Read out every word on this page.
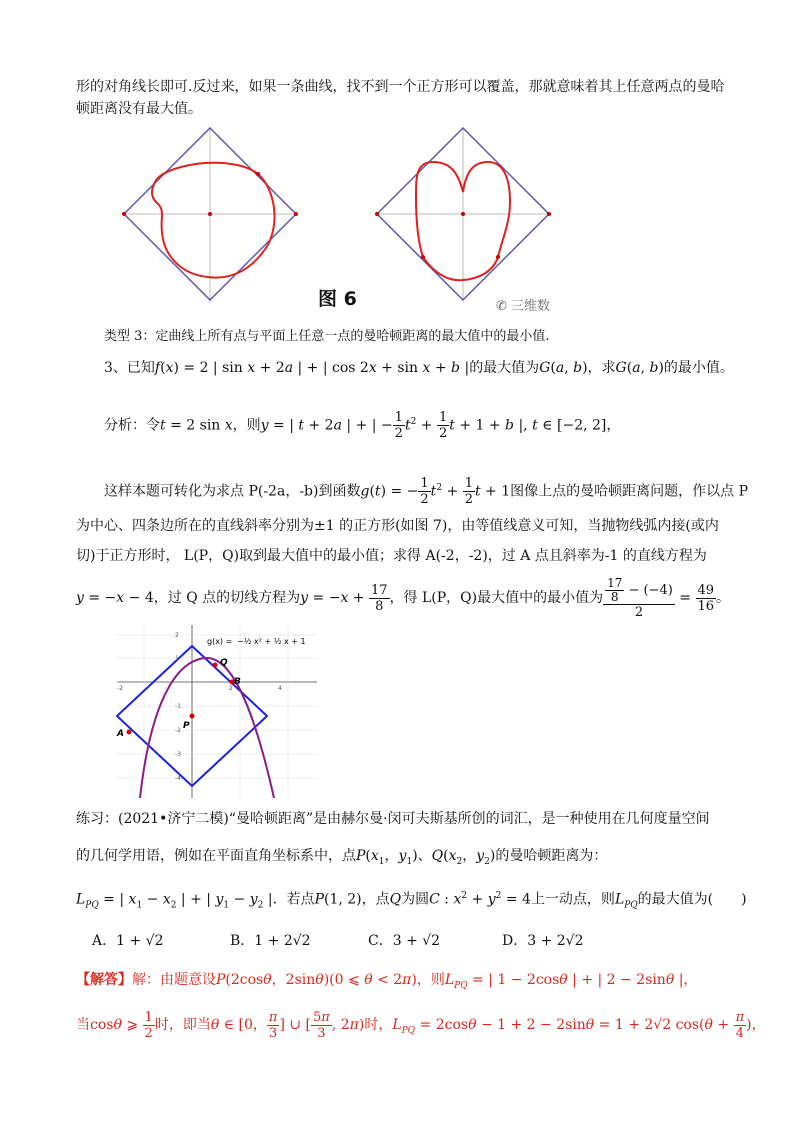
形的对角线长即可.反过来，如果一条曲线，找不到一个正方形可以覆盖，那就意味着其上任意两点的曼哈
顿距离没有最大值。
图 6	✆ 三维数
类型 3：定曲线上所有点与平面上任意一点的曼哈顿距离的最大值中的最小值.
3、已知f(x) = 2 | sin x + 2a | + | cos 2x + sin x + b |的最大值为G(a, b)，求G(a, b)的最小值。
分析：令t = 2 sin x，则y = | t + 2a | + | − $\frac{1}{2} t^2 + \frac{1}{2}$ t + 1 + b |, t ∈ [−2, 2]，
这样本题可转化为求点 P(-2a，-b)到函数g(t) = − $\frac{1}{2} t^2 + \frac{1}{2}$ t + 1图像上点的曼哈顿距离问题，作以点 P
为中心、四条边所在的直线斜率分别为±1 的正方形(如图 7)，由等值线意义可知，当抛物线弧内接(或内
切)于正方形时， L(P，Q)取到最大值中的最小值；求得 A(-2，-2)，过 A 点且斜率为-1 的直线方程为
y = −x − 4，过 Q 点的切线方程为$y = -x + \frac{17}{8}$ ，得 L(P，Q)最大值中的最小值为 $\frac{\frac{17}{8} - (-4)}{2} = \frac{49}{16}$ 。
-2	2	4
2
1
-1
-2
-3
-4
g(x) = −½ x² + ½ x + 1
Q
B
P
A
练习：(2021•济宁二模)“曼哈顿距离”是由赫尔曼·闵可夫斯基所创的词汇，是一种使用在几何度量空间
的几何学用语，例如在平面直角坐标系中，点$P(x_1$，$y_1$)、$Q(x_2$，$y_2$)的曼哈顿距离为：
$L_{PQ}$ = | $x_1 - x_2$ | + | $y_1 - y_2$ |．若点P(1, 2)，点Q为圆C : $x^2 + y^2 = 4$上一动点，则$L_{PQ}$的最大值为(　　)
A．1 + √2	B．1 + 2√2	C．3 + √2	D．3 + 2√2
【解答】解：由题意设P(2cosθ，2sinθ)(0 ⩽ θ < 2π)，则$L_{PQ}$ = | 1 − 2cosθ | + | 2 − 2sinθ |，
当cosθ ⩾ $\frac{1}{2}$ 时，即当θ ∈ [0， $\frac{\pi}{3}$ ] ∪ [ $\frac{5\pi}{3}$ , 2π)时，$L_{PQ} = 2\cos\theta - 1 + 2 - 2\sin\theta = 1 + 2√2$ $\cos(\theta + \frac{\pi}{4}$ )，
